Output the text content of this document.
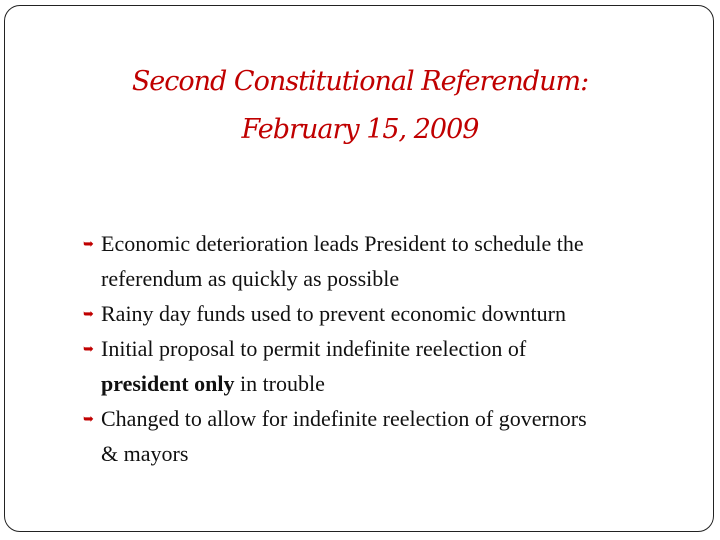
Second Constitutional Referendum:
February 15, 2009
➥ Economic deterioration leads President to schedule the
referendum as quickly as possible
➥ Rainy day funds used to prevent economic downturn
➥ Initial proposal to permit indefinite reelection of
president only in trouble
➥ Changed to allow for indefinite reelection of governors
& mayors
